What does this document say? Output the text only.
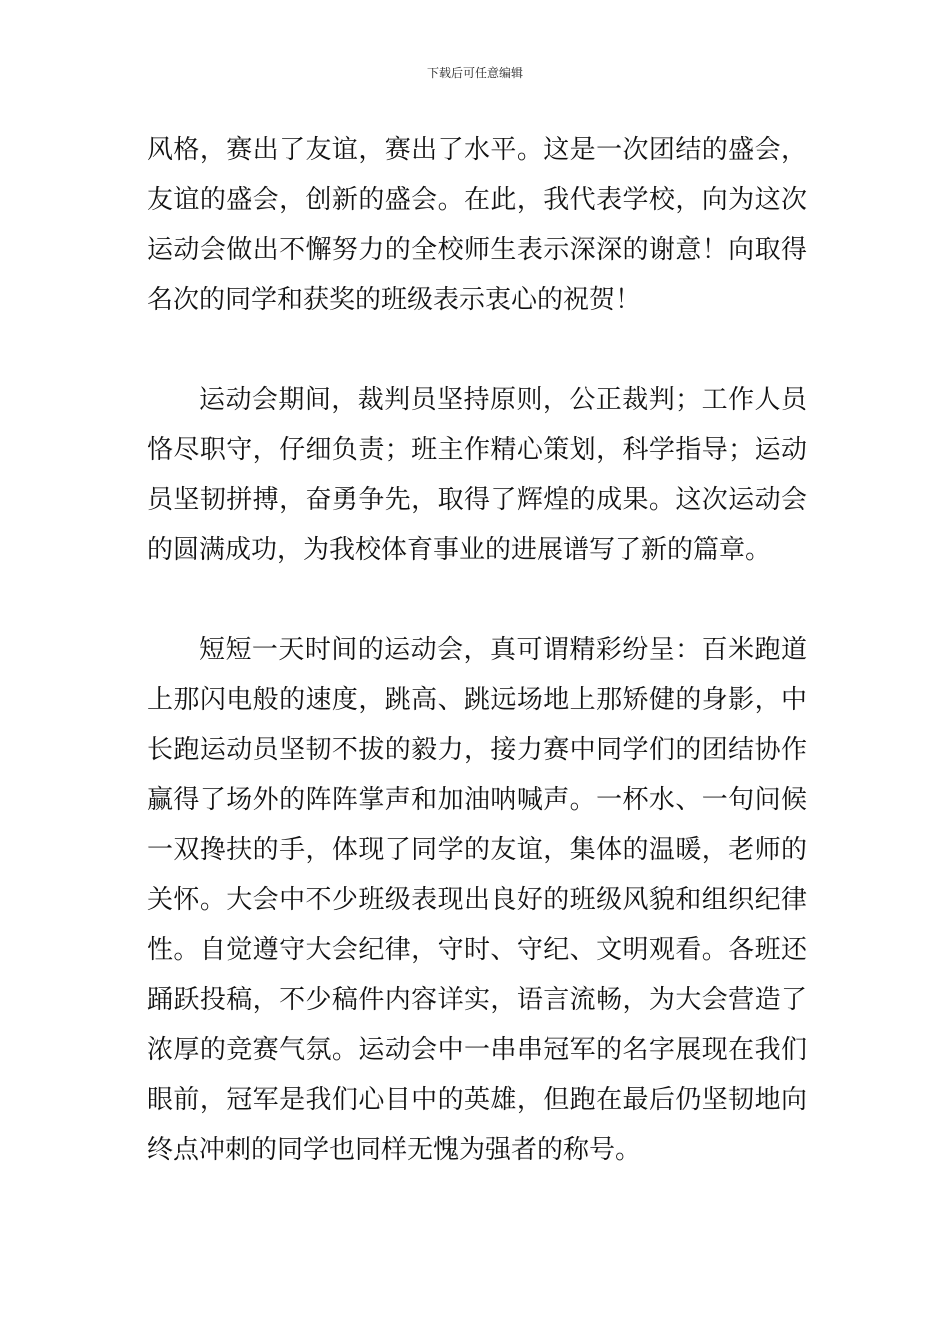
下载后可任意编辑

风格，赛出了友谊，赛出了水平。这是一次团结的盛会，友谊的盛会，创新的盛会。在此，我代表学校，向为这次运动会做出不懈努力的全校师生表示深深的谢意！向取得名次的同学和获奖的班级表示衷心的祝贺！

运动会期间，裁判员坚持原则，公正裁判；工作人员恪尽职守，仔细负责；班主作精心策划，科学指导；运动员坚韧拼搏，奋勇争先，取得了辉煌的成果。这次运动会的圆满成功，为我校体育事业的进展谱写了新的篇章。

短短一天时间的运动会，真可谓精彩纷呈：百米跑道上那闪电般的速度，跳高、跳远场地上那矫健的身影，中长跑运动员坚韧不拔的毅力，接力赛中同学们的团结协作赢得了场外的阵阵掌声和加油呐喊声。一杯水、一句问候一双搀扶的手，体现了同学的友谊，集体的温暖，老师的关怀。大会中不少班级表现出良好的班级风貌和组织纪律性。自觉遵守大会纪律，守时、守纪、文明观看。各班还踊跃投稿，不少稿件内容详实，语言流畅，为大会营造了浓厚的竞赛气氛。运动会中一串串冠军的名字展现在我们眼前，冠军是我们心目中的英雄，但跑在最后仍坚韧地向终点冲刺的同学也同样无愧为强者的称号。
